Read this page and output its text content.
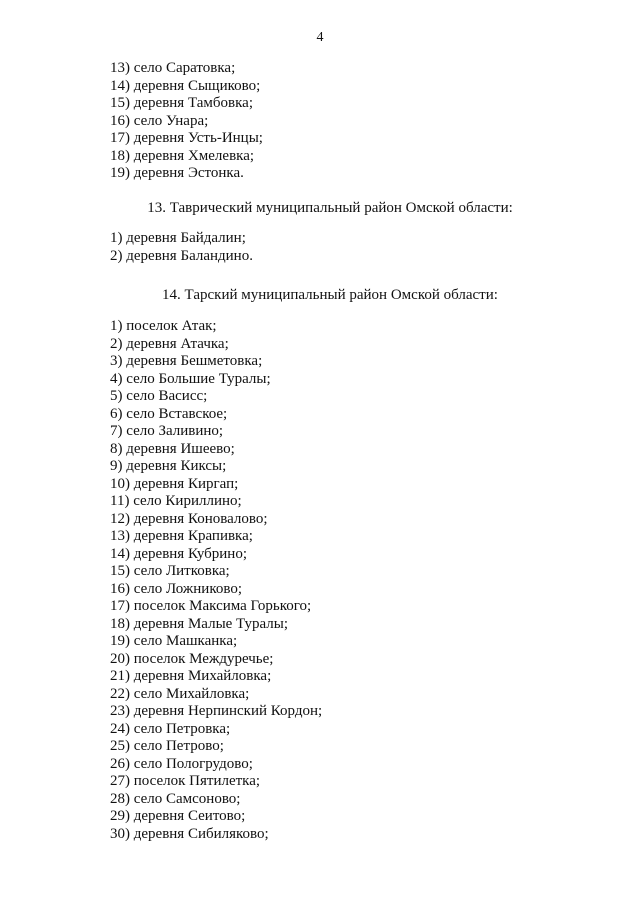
4
13) село Саратовка;
14) деревня Сыщиково;
15) деревня Тамбовка;
16) село Унара;
17) деревня Усть-Инцы;
18) деревня Хмелевка;
19) деревня Эстонка.
13. Таврический муниципальный район Омской области:
1) деревня Байдалин;
2) деревня Баландино.
14. Тарский муниципальный район Омской области:
1) поселок Атак;
2) деревня Атачка;
3) деревня Бешметовка;
4) село Большие Туралы;
5) село Васисс;
6) село Вставское;
7) село Заливино;
8) деревня Ишеево;
9) деревня Киксы;
10) деревня Киргап;
11) село Кириллино;
12) деревня Коновалово;
13) деревня Крапивка;
14) деревня Кубрино;
15) село Литковка;
16) село Ложниково;
17) поселок Максима Горького;
18) деревня Малые Туралы;
19) село Машканка;
20) поселок Междуречье;
21) деревня Михайловка;
22) село Михайловка;
23) деревня Нерпинский Кордон;
24) село Петровка;
25) село Петрово;
26) село Пологрудово;
27) поселок Пятилетка;
28) село Самсоново;
29) деревня Сеитово;
30) деревня Сибиляково;
